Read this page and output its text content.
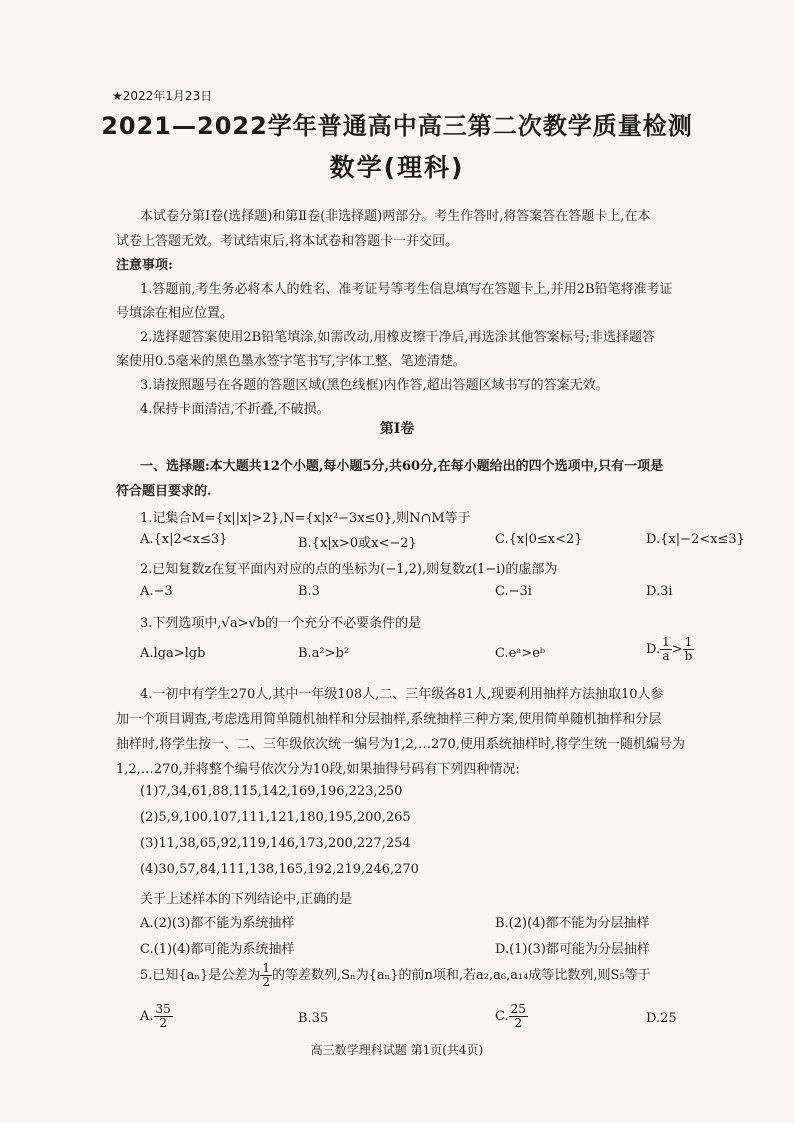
★2022年1月23日
2021—2022学年普通高中高三第二次教学质量检测
数学(理科)
本试卷分第Ⅰ卷(选择题)和第Ⅱ卷(非选择题)两部分。考生作答时,将答案答在答题卡上,在本
试卷上答题无效。考试结束后,将本试卷和答题卡一并交回。
注意事项:
1.答题前,考生务必将本人的姓名、准考证号等考生信息填写在答题卡上,并用2B铅笔将准考证
号填涂在相应位置。
2.选择题答案使用2B铅笔填涂,如需改动,用橡皮擦干净后,再选涂其他答案标号;非选择题答
案使用0.5毫米的黑色墨水签字笔书写,字体工整、笔迹清楚。
3.请按照题号在各题的答题区域(黑色线框)内作答,超出答题区域书写的答案无效。
4.保持卡面清洁,不折叠,不破损。
第Ⅰ卷
一、选择题:本大题共12个小题,每小题5分,共60分,在每小题给出的四个选项中,只有一项是
符合题目要求的.
1.记集合M={x||x|>2},N={x|x²−3x≤0},则N∩M等于
A.{x|2<x≤3}	B.{x|x>0或x<−2}	C.{x|0≤x<2}	D.{x|−2<x≤3}
2.已知复数z在复平面内对应的点的坐标为(−1,2),则复数z(1−i)的虚部为
A.−3	B.3	C.−3i	D.3i
3.下列选项中,√a>√b的一个充分不必要条件的是
A.lga>lgb	B.a²>b²	C.eᵃ>eᵇ	D. $\frac{1}{a} > \frac{1}{b}$
4.一初中有学生270人,其中一年级108人,二、三年级各81人,现要利用抽样方法抽取10人参
加一个项目调查,考虑选用简单随机抽样和分层抽样,系统抽样三种方案,使用简单随机抽样和分层
抽样时,将学生按一、二、三年级依次统一编号为1,2,…270,使用系统抽样时,将学生统一随机编号为
1,2,…270,并将整个编号依次分为10段,如果抽得号码有下列四种情况:
(1)7,34,61,88,115,142,169,196,223,250
(2)5,9,100,107,111,121,180,195,200,265
(3)11,38,65,92,119,146,173,200,227,254
(4)30,57,84,111,138,165,192,219,246,270
关于上述样本的下列结论中,正确的是
A.(2)(3)都不能为系统抽样	B.(2)(4)都不能为分层抽样
C.(1)(4)都可能为系统抽样	D.(1)(3)都可能为分层抽样
5.已知{aₙ}是公差为 $\frac{1}{2}$ 的等差数列,Sₙ为{aₙ}的前n项和,若a₂,a₆,a₁₄成等比数列,则S₅等于
A. $\frac{35}{2}$	B.35	C. $\frac{25}{2}$	D.25
高三数学理科试题 第1页(共4页)
